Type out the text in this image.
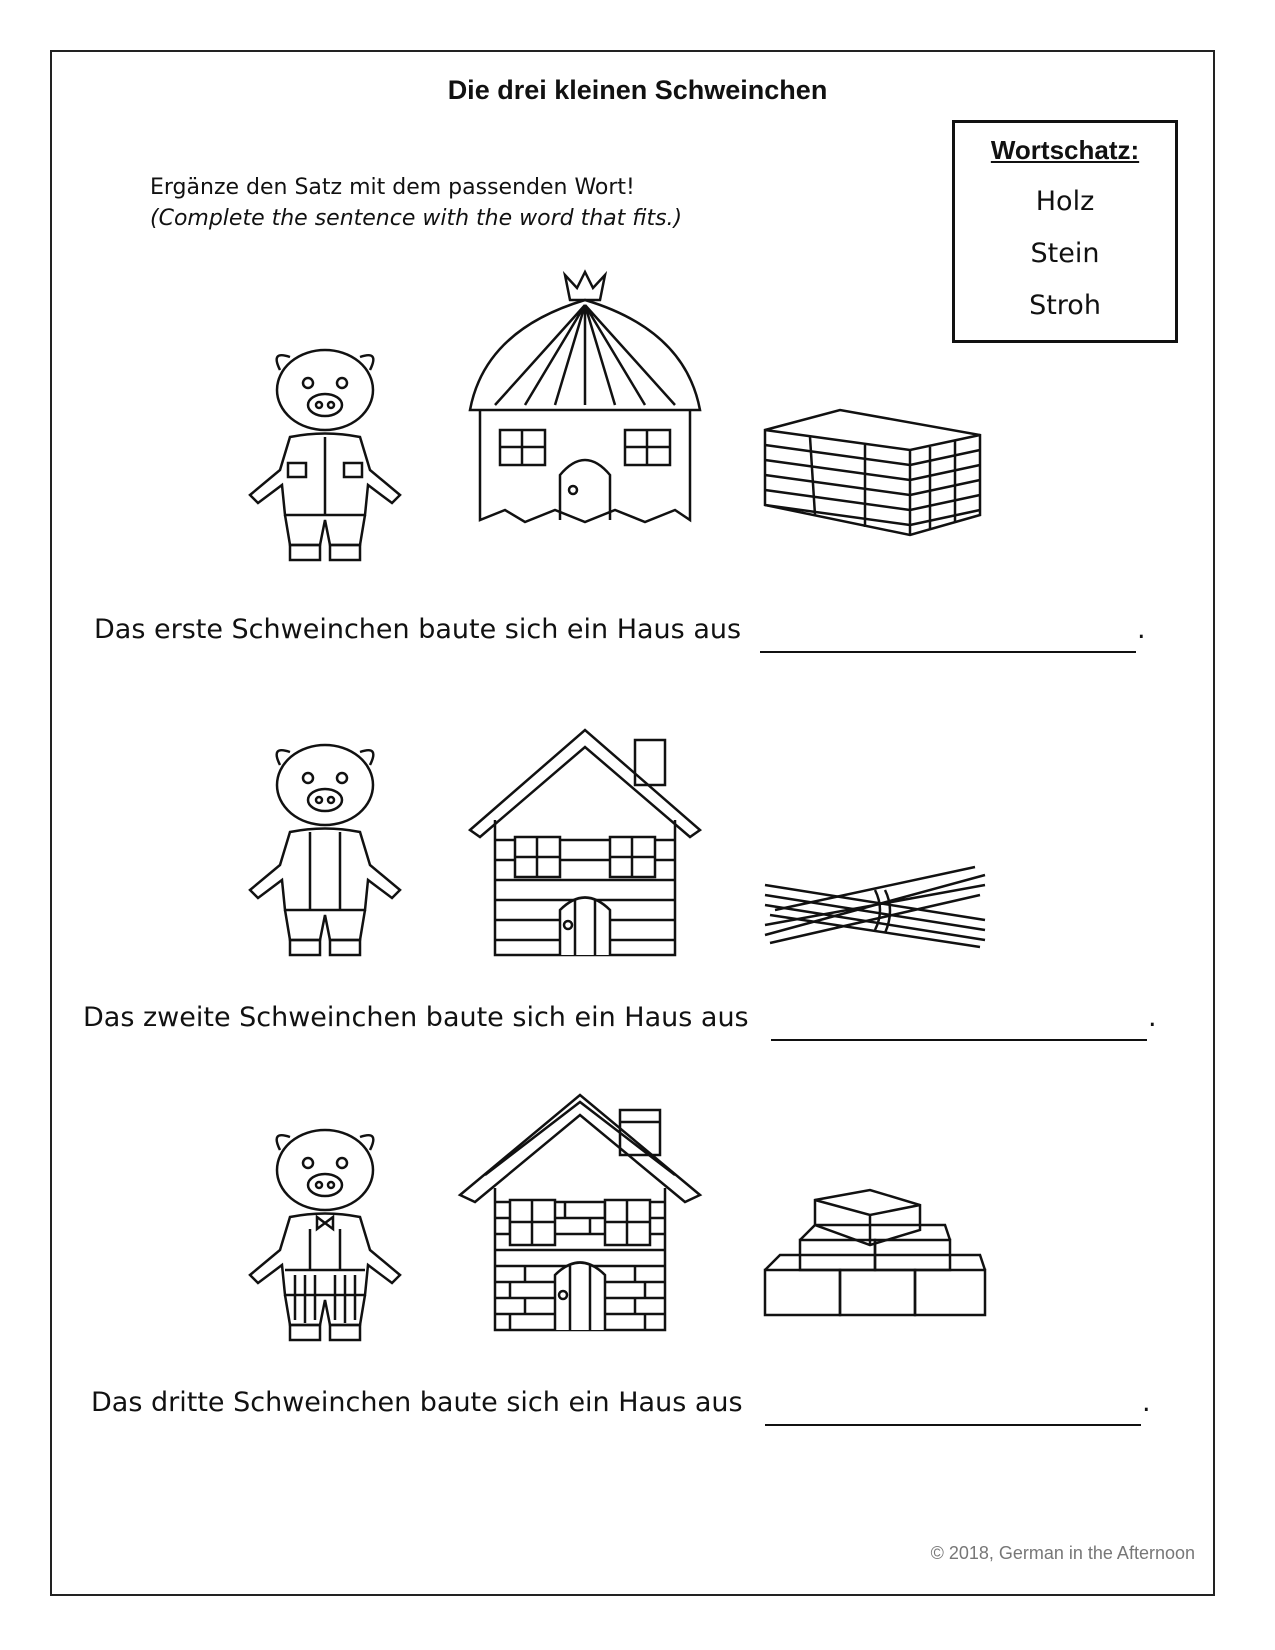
Die drei kleinen Schweinchen
Ergänze den Satz mit dem passenden Wort!
(Complete the sentence with the word that fits.)
Wortschatz:
Holz
Stein
Stroh
Das erste Schweinchen baute sich ein Haus aus	.
Das zweite Schweinchen baute sich ein Haus aus	.
Das dritte Schweinchen baute sich ein Haus aus	.
© 2018, German in the Afternoon
